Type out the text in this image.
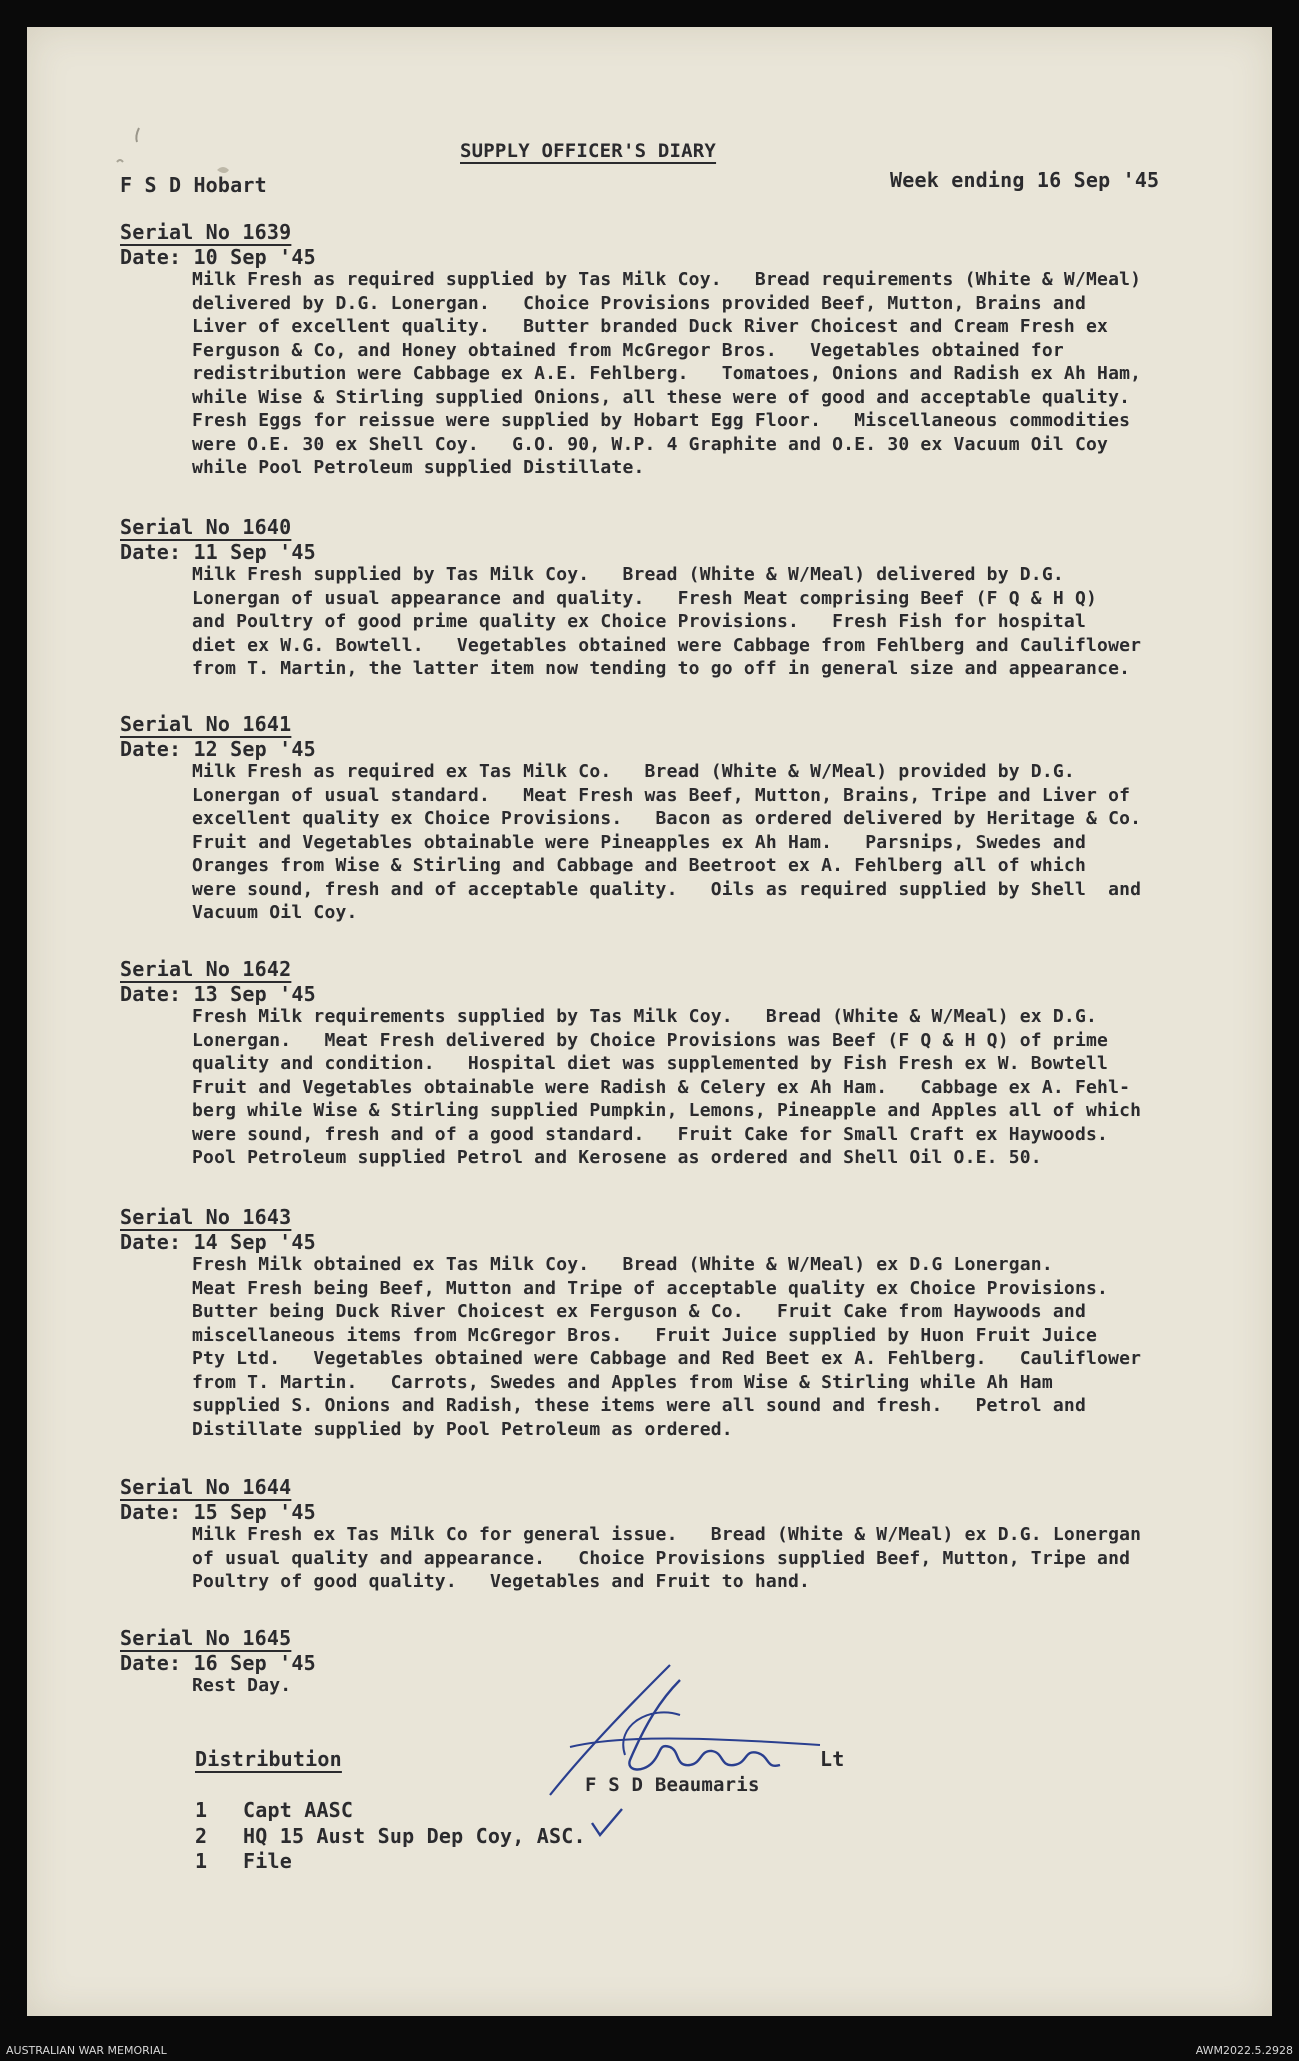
SUPPLY OFFICER'S DIARY
F S D Hobart	Week ending 16 Sep '45
Serial No 1639
Date: 10 Sep '45

Milk Fresh as required supplied by Tas Milk Coy.   Bread requirements (White & W/Meal)
delivered by D.G. Lonergan.   Choice Provisions provided Beef, Mutton, Brains and
Liver of excellent quality.   Butter branded Duck River Choicest and Cream Fresh ex
Ferguson & Co, and Honey obtained from McGregor Bros.   Vegetables obtained for
redistribution were Cabbage ex A.E. Fehlberg.   Tomatoes, Onions and Radish ex Ah Ham,
while Wise & Stirling supplied Onions, all these were of good and acceptable quality.
Fresh Eggs for reissue were supplied by Hobart Egg Floor.   Miscellaneous commodities
were O.E. 30 ex Shell Coy.   G.O. 90, W.P. 4 Graphite and O.E. 30 ex Vacuum Oil Coy
while Pool Petroleum supplied Distillate.

Serial No 1640
Date: 11 Sep '45

Milk Fresh supplied by Tas Milk Coy.   Bread (White & W/Meal) delivered by D.G.
Lonergan of usual appearance and quality.   Fresh Meat comprising Beef (F Q & H Q)
and Poultry of good prime quality ex Choice Provisions.   Fresh Fish for hospital
diet ex W.G. Bowtell.   Vegetables obtained were Cabbage from Fehlberg and Cauliflower
from T. Martin, the latter item now tending to go off in general size and appearance.

Serial No 1641
Date: 12 Sep '45

Milk Fresh as required ex Tas Milk Co.   Bread (White & W/Meal) provided by D.G.
Lonergan of usual standard.   Meat Fresh was Beef, Mutton, Brains, Tripe and Liver of
excellent quality ex Choice Provisions.   Bacon as ordered delivered by Heritage & Co.
Fruit and Vegetables obtainable were Pineapples ex Ah Ham.   Parsnips, Swedes and
Oranges from Wise & Stirling and Cabbage and Beetroot ex A. Fehlberg all of which
were sound, fresh and of acceptable quality.   Oils as required supplied by Shell  and
Vacuum Oil Coy.

Serial No 1642
Date: 13 Sep '45

Fresh Milk requirements supplied by Tas Milk Coy.   Bread (White & W/Meal) ex D.G.
Lonergan.   Meat Fresh delivered by Choice Provisions was Beef (F Q & H Q) of prime
quality and condition.   Hospital diet was supplemented by Fish Fresh ex W. Bowtell
Fruit and Vegetables obtainable were Radish & Celery ex Ah Ham.   Cabbage ex A. Fehl-
berg while Wise & Stirling supplied Pumpkin, Lemons, Pineapple and Apples all of which
were sound, fresh and of a good standard.   Fruit Cake for Small Craft ex Haywoods.
Pool Petroleum supplied Petrol and Kerosene as ordered and Shell Oil O.E. 50.

Serial No 1643
Date: 14 Sep '45

Fresh Milk obtained ex Tas Milk Coy.   Bread (White & W/Meal) ex D.G Lonergan.
Meat Fresh being Beef, Mutton and Tripe of acceptable quality ex Choice Provisions.
Butter being Duck River Choicest ex Ferguson & Co.   Fruit Cake from Haywoods and
miscellaneous items from McGregor Bros.   Fruit Juice supplied by Huon Fruit Juice
Pty Ltd.   Vegetables obtained were Cabbage and Red Beet ex A. Fehlberg.   Cauliflower
from T. Martin.   Carrots, Swedes and Apples from Wise & Stirling while Ah Ham
supplied S. Onions and Radish, these items were all sound and fresh.   Petrol and
Distillate supplied by Pool Petroleum as ordered.

Serial No 1644
Date: 15 Sep '45

Milk Fresh ex Tas Milk Co for general issue.   Bread (White & W/Meal) ex D.G. Lonergan
of usual quality and appearance.   Choice Provisions supplied Beef, Mutton, Tripe and
Poultry of good quality.   Vegetables and Fruit to hand.

Serial No 1645
Date: 16 Sep '45

Rest Day.

Distribution
1 Capt AASC
2 HQ 15 Aust Sup Dep Coy, ASC.
1 File
Lt
F S D Beaumaris
AUSTRALIAN WAR MEMORIAL	AWM2022.5.2928
